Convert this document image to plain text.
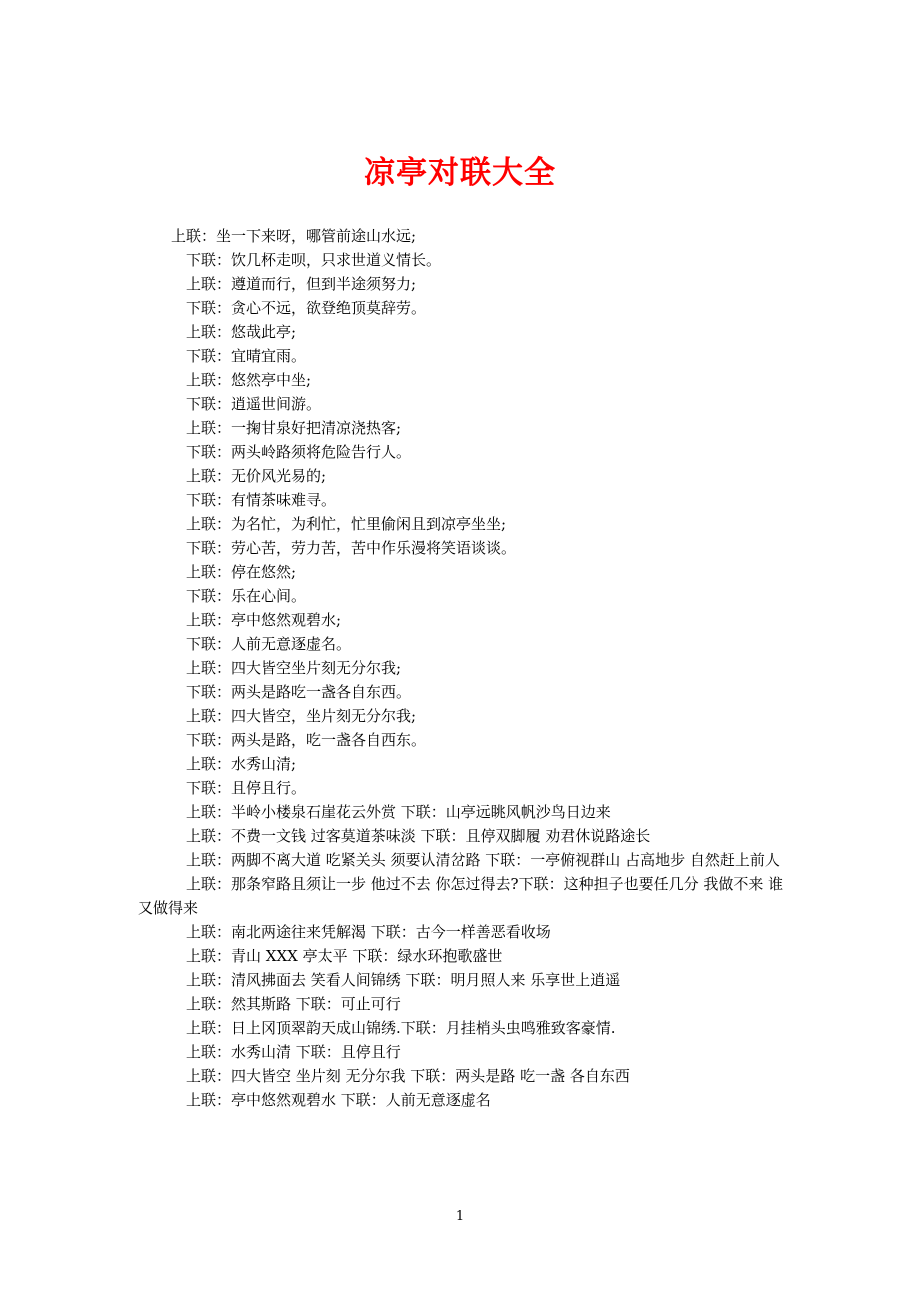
凉亭对联大全

上联：坐一下来呀，哪管前途山水远;

下联：饮几杯走呗，只求世道义情长。

上联：遵道而行，但到半途须努力;

下联：贪心不远，欲登绝顶莫辞劳。

上联：悠哉此亭;

下联：宜晴宜雨。

上联：悠然亭中坐;

下联：逍遥世间游。

上联：一掬甘泉好把清凉浇热客;

下联：两头岭路须将危险告行人。

上联：无价风光易的;

下联：有情茶味难寻。

上联：为名忙，为利忙，忙里偷闲且到凉亭坐坐;

下联：劳心苦，劳力苦，苦中作乐漫将笑语谈谈。

上联：停在悠然;

下联：乐在心间。

上联：亭中悠然观碧水;

下联：人前无意逐虚名。

上联：四大皆空坐片刻无分尔我;

下联：两头是路吃一盏各自东西。

上联：四大皆空，坐片刻无分尔我;

下联：两头是路，吃一盏各自西东。

上联：水秀山清;

下联：且停且行。

上联：半岭小楼泉石崖花云外赏 下联：山亭远眺风帆沙鸟日边来

上联：不费一文钱 过客莫道茶味淡 下联：且停双脚履 劝君休说路途长

上联：两脚不离大道 吃紧关头 须要认清岔路 下联：一亭俯视群山 占高地步 自然赶上前人

上联：那条窄路且须让一步 他过不去 你怎过得去?下联：这种担子也要任几分 我做不来 谁又做得来

上联：南北两途往来凭解渴 下联：古今一样善恶看收场

上联：青山 XXX 亭太平 下联：绿水环抱歌盛世

上联：清风拂面去 笑看人间锦绣 下联：明月照人来 乐享世上逍遥

上联：然其斯路 下联：可止可行

上联：日上冈顶翠韵天成山锦绣.下联：月挂梢头虫鸣雅致客豪情.

上联：水秀山清 下联：且停且行

上联：四大皆空 坐片刻 无分尔我 下联：两头是路 吃一盏 各自东西

上联：亭中悠然观碧水 下联：人前无意逐虚名

1
